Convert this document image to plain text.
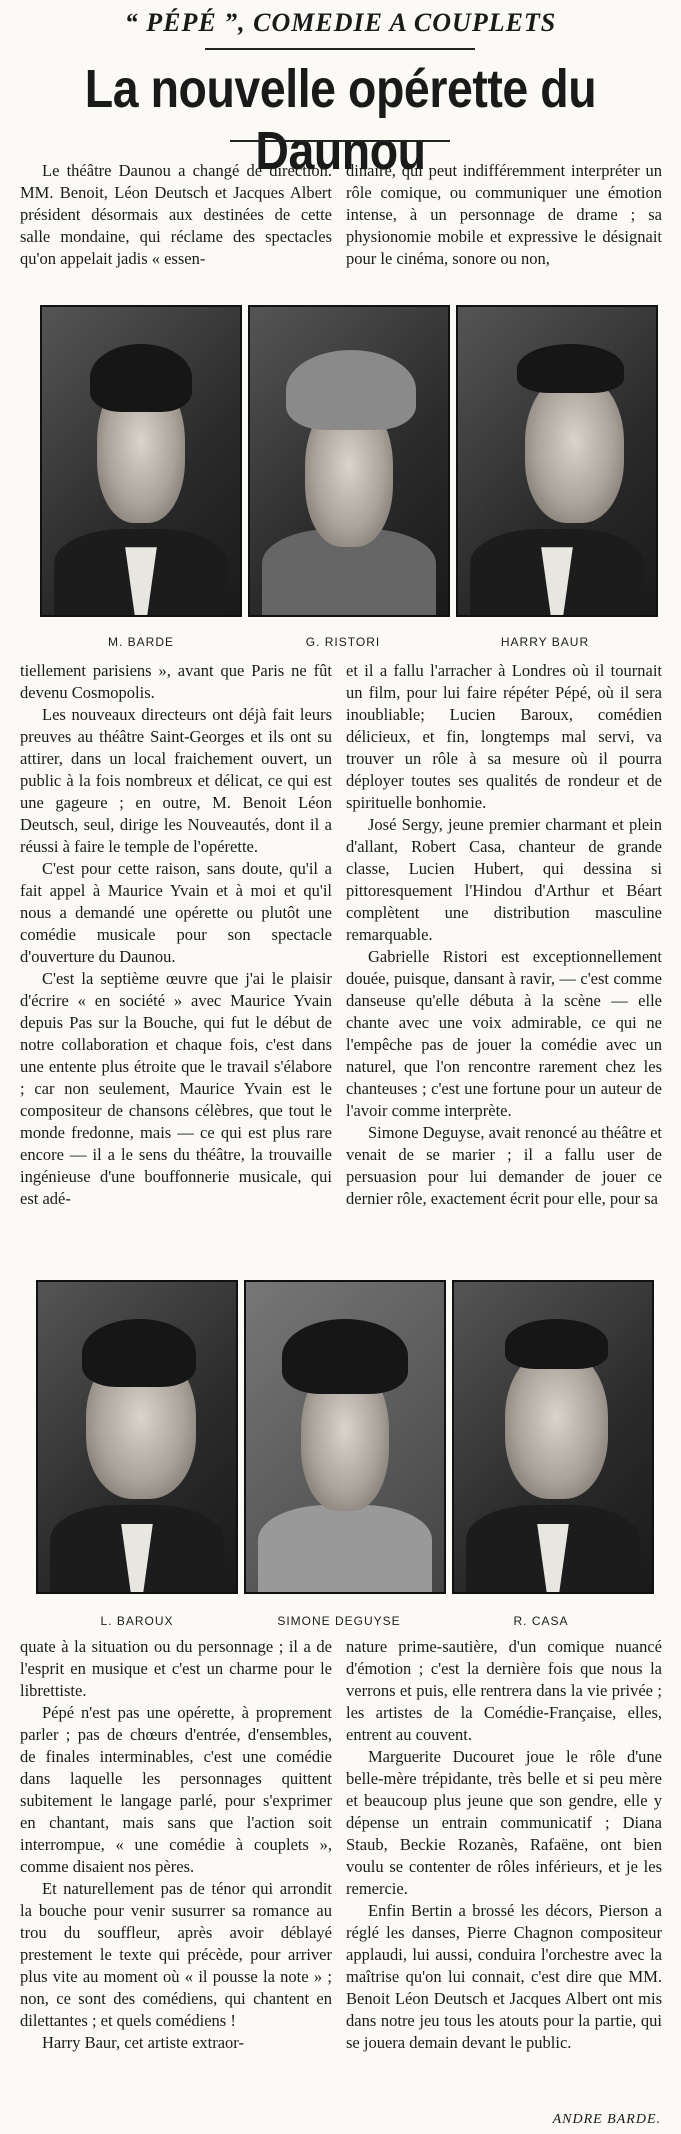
“ PÉPÉ ”, COMEDIE A COUPLETS
La nouvelle opérette du Daunou

Le théâtre Daunou a changé de direction. MM. Benoit, Léon Deutsch et Jacques Albert président désormais aux destinées de cette salle mondaine, qui réclame des spectacles qu'on appelait jadis « essen-

dinaire, qui peut indifféremment interpréter un rôle comique, ou communiquer une émotion intense, à un personnage de drame ; sa physionomie mobile et expressive le désignait pour le cinéma, sonore ou non,

M. BARDE	G. RISTORI	HARRY BAUR

tiellement parisiens », avant que Paris ne fût devenu Cosmopolis.

Les nouveaux directeurs ont déjà fait leurs preuves au théâtre Saint-Georges et ils ont su attirer, dans un local fraichement ouvert, un public à la fois nombreux et délicat, ce qui est une gageure ; en outre, M. Benoit Léon Deutsch, seul, dirige les Nouveautés, dont il a réussi à faire le temple de l'opérette.

C'est pour cette raison, sans doute, qu'il a fait appel à Maurice Yvain et à moi et qu'il nous a demandé une opérette ou plutôt une comédie musicale pour son spectacle d'ouverture du Daunou.

C'est la septième œuvre que j'ai le plaisir d'écrire « en société » avec Maurice Yvain depuis Pas sur la Bouche, qui fut le début de notre collaboration et chaque fois, c'est dans une entente plus étroite que le travail s'élabore ; car non seulement, Maurice Yvain est le compositeur de chansons célèbres, que tout le monde fredonne, mais — ce qui est plus rare encore — il a le sens du théâtre, la trouvaille ingénieuse d'une bouffonnerie musicale, qui est adé-

et il a fallu l'arracher à Londres où il tournait un film, pour lui faire répéter Pépé, où il sera inoubliable; Lucien Baroux, comédien délicieux, et fin, longtemps mal servi, va trouver un rôle à sa mesure où il pourra déployer toutes ses qualités de rondeur et de spirituelle bonhomie.

José Sergy, jeune premier charmant et plein d'allant, Robert Casa, chanteur de grande classe, Lucien Hubert, qui dessina si pittoresquement l'Hindou d'Arthur et Béart complètent une distribution masculine remarquable.

Gabrielle Ristori est exceptionnellement douée, puisque, dansant à ravir, — c'est comme danseuse qu'elle débuta à la scène — elle chante avec une voix admirable, ce qui ne l'empêche pas de jouer la comédie avec un naturel, que l'on rencontre rarement chez les chanteuses ; c'est une fortune pour un auteur de l'avoir comme interprète.

Simone Deguyse, avait renoncé au théâtre et venait de se marier ; il a fallu user de persuasion pour lui demander de jouer ce dernier rôle, exactement écrit pour elle, pour sa

L. BAROUX	SIMONE DEGUYSE	R. CASA

quate à la situation ou du personnage ; il a de l'esprit en musique et c'est un charme pour le librettiste.

Pépé n'est pas une opérette, à proprement parler ; pas de chœurs d'entrée, d'ensembles, de finales interminables, c'est une comédie dans laquelle les personnages quittent subitement le langage parlé, pour s'exprimer en chantant, mais sans que l'action soit interrompue, « une comédie à couplets », comme disaient nos pères.

Et naturellement pas de ténor qui arrondit la bouche pour venir susurrer sa romance au trou du souffleur, après avoir déblayé prestement le texte qui précède, pour arriver plus vite au moment où « il pousse la note » ; non, ce sont des comédiens, qui chantent en dilettantes ; et quels comédiens !

Harry Baur, cet artiste extraor-

nature prime-sautière, d'un comique nuancé d'émotion ; c'est la dernière fois que nous la verrons et puis, elle rentrera dans la vie privée ; les artistes de la Comédie-Française, elles, entrent au couvent.

Marguerite Ducouret joue le rôle d'une belle-mère trépidante, très belle et si peu mère et beaucoup plus jeune que son gendre, elle y dépense un entrain communicatif ; Diana Staub, Beckie Rozanès, Rafaëne, ont bien voulu se contenter de rôles inférieurs, et je les remercie.

Enfin Bertin a brossé les décors, Pierson a réglé les danses, Pierre Chagnon compositeur applaudi, lui aussi, conduira l'orchestre avec la maîtrise qu'on lui connait, c'est dire que MM. Benoit Léon Deutsch et Jacques Albert ont mis dans notre jeu tous les atouts pour la partie, qui se jouera demain devant le public.

ANDRE BARDE.
